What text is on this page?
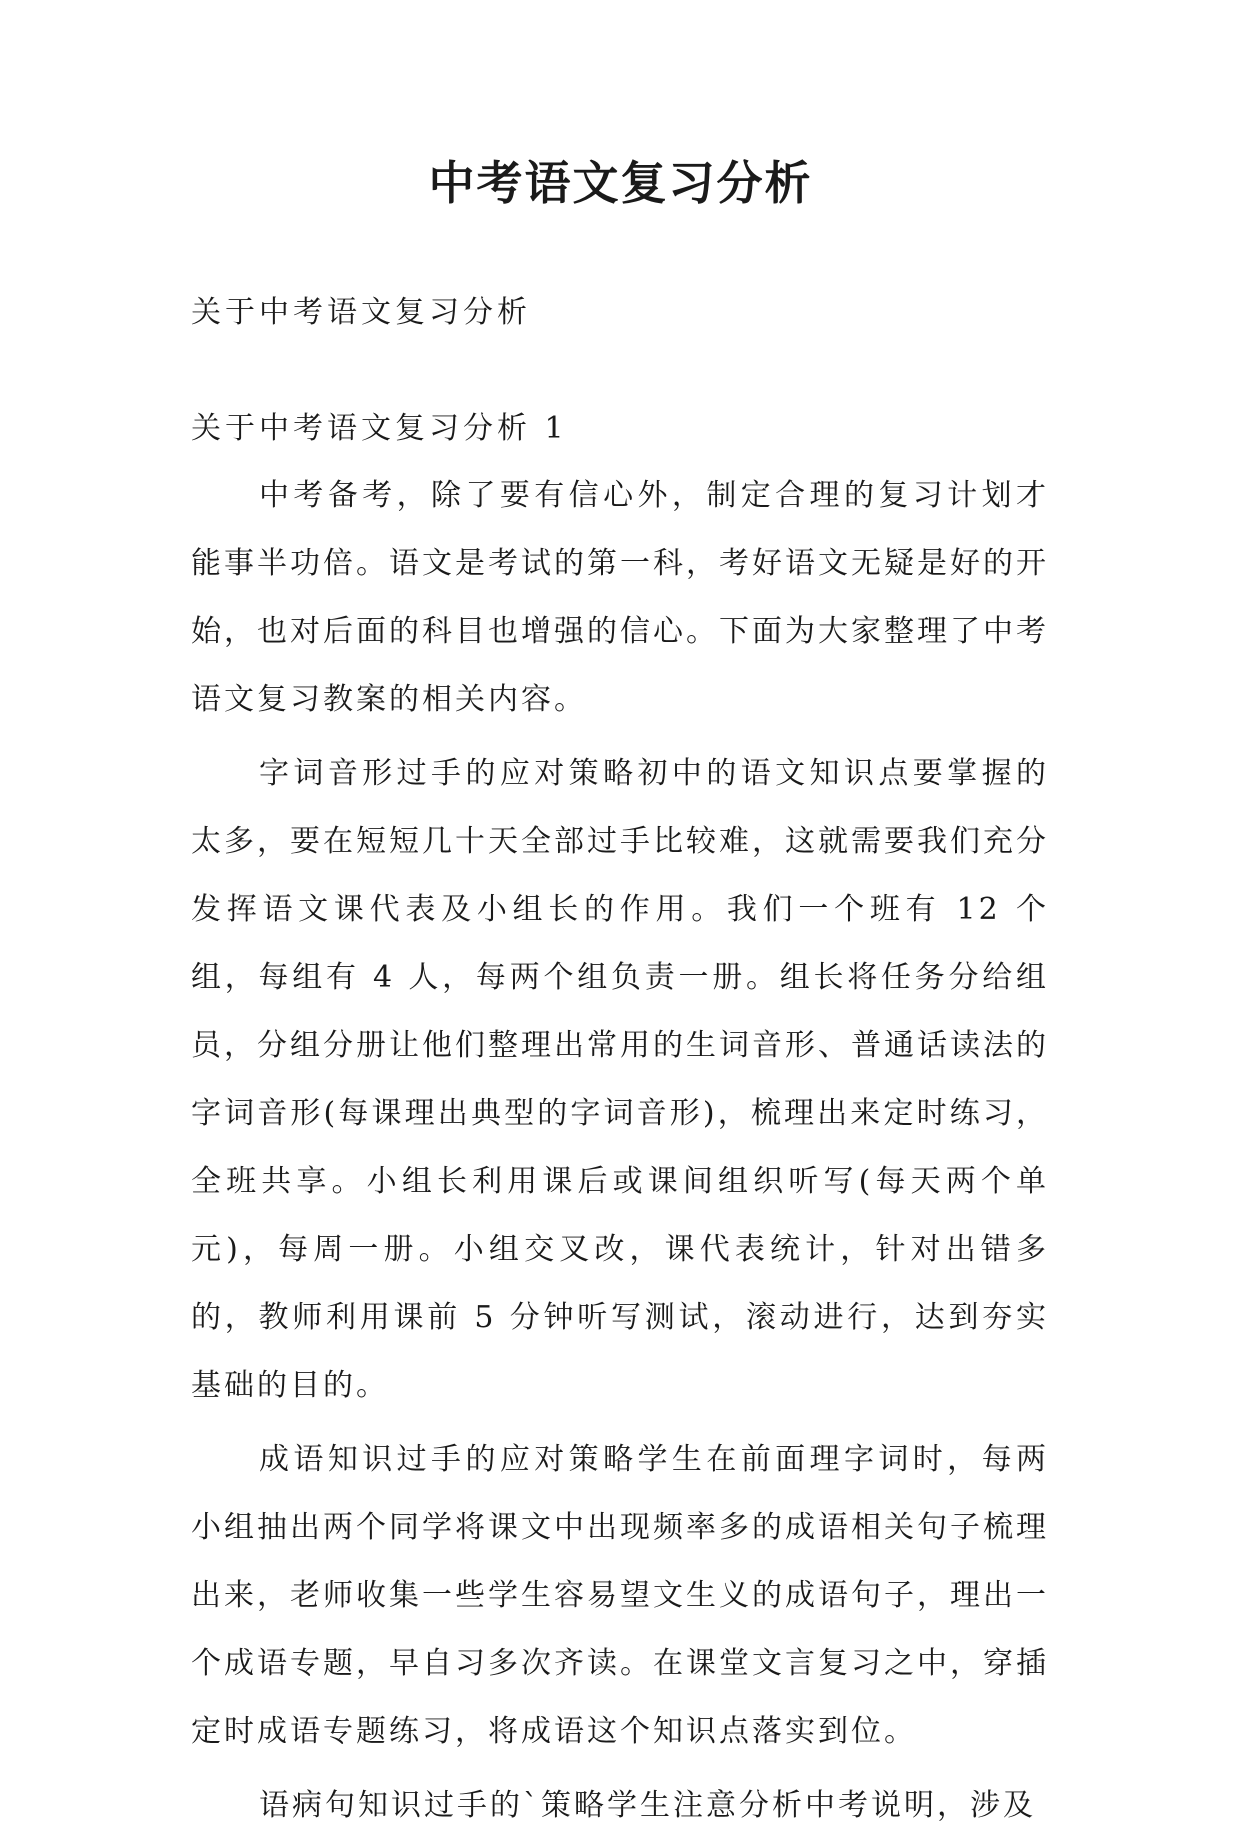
中考语文复习分析

关于中考语文复习分析

关于中考语文复习分析 1

中考备考，除了要有信心外，制定合理的复习计划才能事半功倍。语文是考试的第一科，考好语文无疑是好的开始，也对后面的科目也增强的信心。下面为大家整理了中考语文复习教案的相关内容。

字词音形过手的应对策略初中的语文知识点要掌握的太多，要在短短几十天全部过手比较难，这就需要我们充分发挥语文课代表及小组长的作用。我们一个班有 12 个组，每组有 4 人，每两个组负责一册。组长将任务分给组员，分组分册让他们整理出常用的生词音形、普通话读法的字词音形(每课理出典型的字词音形)，梳理出来定时练习，全班共享。小组长利用课后或课间组织听写(每天两个单元)，每周一册。小组交叉改，课代表统计，针对出错多的，教师利用课前 5 分钟听写测试，滚动进行，达到夯实基础的目的。

成语知识过手的应对策略学生在前面理字词时，每两小组抽出两个同学将课文中出现频率多的成语相关句子梳理出来，老师收集一些学生容易望文生义的成语句子，理出一个成语专题，早自习多次齐读。在课堂文言复习之中，穿插定时成语专题练习，将成语这个知识点落实到位。

语病句知识过手的`策略学生注意分析中考说明，涉及
